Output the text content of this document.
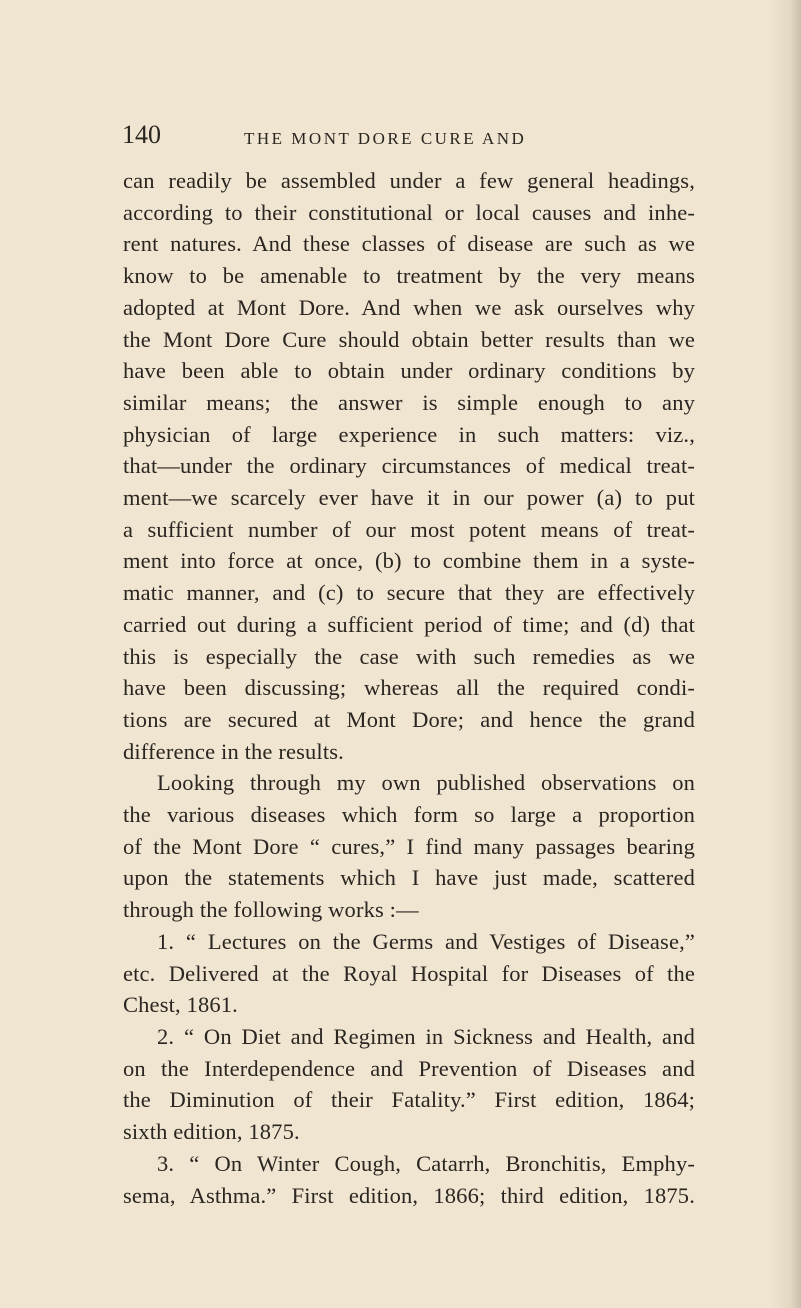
140	THE MONT DORE CURE AND

can readily be assembled under a few general headings,
according to their constitutional or local causes and inhe-
rent natures. And these classes of disease are such as we
know to be amenable to treatment by the very means
adopted at Mont Dore. And when we ask ourselves why
the Mont Dore Cure should obtain better results than we
have been able to obtain under ordinary conditions by
similar means; the answer is simple enough to any
physician of large experience in such matters: viz.,
that—under the ordinary circumstances of medical treat-
ment—we scarcely ever have it in our power (a) to put
a sufficient number of our most potent means of treat-
ment into force at once, (b) to combine them in a syste-
matic manner, and (c) to secure that they are effectively
carried out during a sufficient period of time; and (d) that
this is especially the case with such remedies as we
have been discussing; whereas all the required condi-
tions are secured at Mont Dore; and hence the grand
difference in the results.

Looking through my own published observations on
the various diseases which form so large a proportion
of the Mont Dore “ cures,” I find many passages bearing
upon the statements which I have just made, scattered
through the following works :—

1. “ Lectures on the Germs and Vestiges of Disease,”
etc. Delivered at the Royal Hospital for Diseases of the
Chest, 1861.

2. “ On Diet and Regimen in Sickness and Health, and
on the Interdependence and Prevention of Diseases and
the Diminution of their Fatality.” First edition, 1864;
sixth edition, 1875.

3. “ On Winter Cough, Catarrh, Bronchitis, Emphy-
sema, Asthma.” First edition, 1866; third edition, 1875.
